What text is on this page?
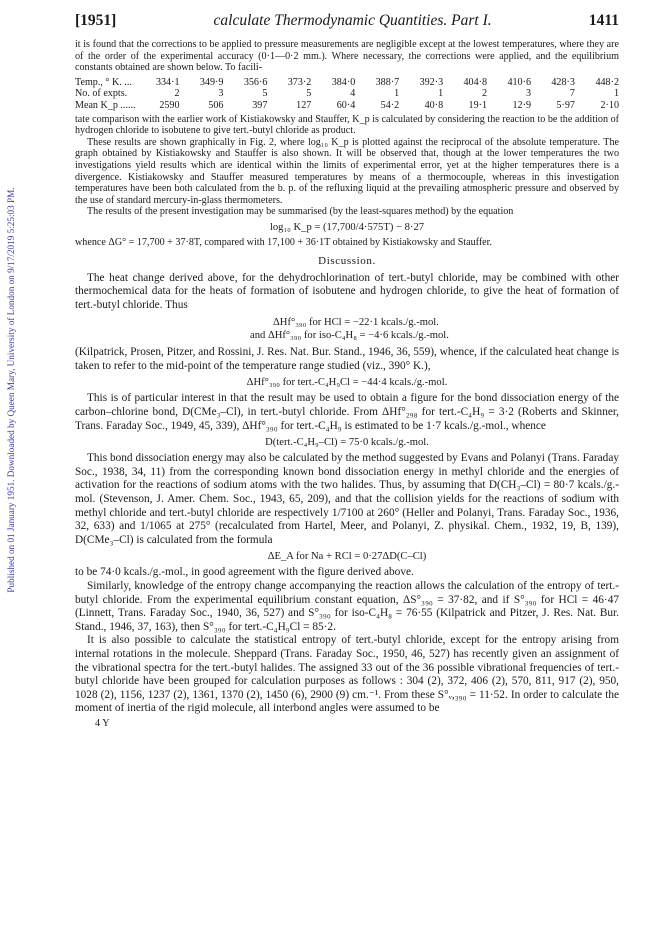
Published on 01 January 1951. Downloaded by Queen Mary, University of London on 9/17/2019 5:25:03 PM.
[1951]	calculate Thermodynamic Quantities. Part I.	1411

it is found that the corrections to be applied to pressure measurements are negligible except at the lowest temperatures, where they are of the order of the experimental accuracy (0·1—0·2 mm.). Where necessary, the corrections were applied, and the equilibrium constants obtained are shown below. To facili-

Temp., ° K. ...	334·1	349·9	356·6	373·2	384·0	388·7	392·3	404·8	410·6	428·3	448·2
No. of expts.	2	3	5	5	4	1	1	2	3	7	1
Mean K_p ......	2590	506	397	127	60·4	54·2	40·8	19·1	12·9	5·97	2·10

tate comparison with the earlier work of Kistiakowsky and Stauffer, K_p is calculated by considering the reaction to be the addition of hydrogen chloride to isobutene to give tert.-butyl chloride as product.

These results are shown graphically in Fig. 2, where log₁₀ K_p is plotted against the reciprocal of the absolute temperature. The graph obtained by Kistiakowsky and Stauffer is also shown. It will be observed that, though at the lower temperatures the two investigations yield results which are identical within the limits of experimental error, yet at the higher temperatures there is a divergence. Kistiakowsky and Stauffer measured temperatures by means of a thermocouple, whereas in this investigation temperatures have been both calculated from the b. p. of the refluxing liquid at the prevailing atmospheric pressure and observed by the use of standard mercury-in-glass thermometers.

The results of the present investigation may be summarised (by the least-squares method) by the equation

log₁₀ K_p = (17,700/4·575T) − 8·27

whence ΔG° = 17,700 + 37·8T, compared with 17,100 + 36·1T obtained by Kistiakowsky and Stauffer.

Discussion.

The heat change derived above, for the dehydrochlorination of tert.-butyl chloride, may be combined with other thermochemical data for the heats of formation of isobutene and hydrogen chloride, to give the heat of formation of tert.-butyl chloride. Thus

ΔHf°₃₉₀ for HCl = −22·1 kcals./g.-mol.
and ΔHf°₃₉₀ for iso-C₄H₈ = −4·6 kcals./g.-mol.

(Kilpatrick, Prosen, Pitzer, and Rossini, J. Res. Nat. Bur. Stand., 1946, 36, 559), whence, if the calculated heat change is taken to refer to the mid-point of the temperature range studied (viz., 390° K.),

ΔHf°₃₉₀ for tert.-C₄H₉Cl = −44·4 kcals./g.-mol.

This is of particular interest in that the result may be used to obtain a figure for the bond dissociation energy of the carbon–chlorine bond, D(CMe₃–Cl), in tert.-butyl chloride. From ΔHf°₂₉₈ for tert.-C₄H₉ = 3·2 (Roberts and Skinner, Trans. Faraday Soc., 1949, 45, 339), ΔHf°₃₉₀ for tert.-C₄H₉ is estimated to be 1·7 kcals./g.-mol., whence

D(tert.-C₄H₉–Cl) = 75·0 kcals./g.-mol.

This bond dissociation energy may also be calculated by the method suggested by Evans and Polanyi (Trans. Faraday Soc., 1938, 34, 11) from the corresponding known bond dissociation energy in methyl chloride and the energies of activation for the reactions of sodium atoms with the two halides. Thus, by assuming that D(CH₃–Cl) = 80·7 kcals./g.-mol. (Stevenson, J. Amer. Chem. Soc., 1943, 65, 209), and that the collision yields for the reactions of sodium with methyl chloride and tert.-butyl chloride are respectively 1/7100 at 260° (Heller and Polanyi, Trans. Faraday Soc., 1936, 32, 633) and 1/1065 at 275° (recalculated from Hartel, Meer, and Polanyi, Z. physikal. Chem., 1932, 19, B, 139), D(CMe₃–Cl) is calculated from the formula

ΔE_A for Na + RCl = 0·27ΔD(C–Cl)

to be 74·0 kcals./g.-mol., in good agreement with the figure derived above.

Similarly, knowledge of the entropy change accompanying the reaction allows the calculation of the entropy of tert.-butyl chloride. From the experimental equilibrium constant equation, ΔS°₃₉₀ = 37·82, and if S°₃₉₀ for HCl = 46·47 (Linnett, Trans. Faraday Soc., 1940, 36, 527) and S°₃₉₀ for iso-C₄H₈ = 76·55 (Kilpatrick and Pitzer, J. Res. Nat. Bur. Stand., 1946, 37, 163), then S°₃₉₀ for tert.-C₄H₉Cl = 85·2.

It is also possible to calculate the statistical entropy of tert.-butyl chloride, except for the entropy arising from internal rotations in the molecule. Sheppard (Trans. Faraday Soc., 1950, 46, 527) has recently given an assignment of the vibrational spectra for the tert.-butyl halides. The assigned 33 out of the 36 possible vibrational frequencies of tert.-butyl chloride have been grouped for calculation purposes as follows : 304 (2), 372, 406 (2), 570, 811, 917 (2), 950, 1028 (2), 1156, 1237 (2), 1361, 1370 (2), 1450 (6), 2900 (9) cm.⁻¹. From these S°ᵥ,₃₉₀ = 11·52. In order to calculate the moment of inertia of the rigid molecule, all interbond angles were assumed to be

4 Y
